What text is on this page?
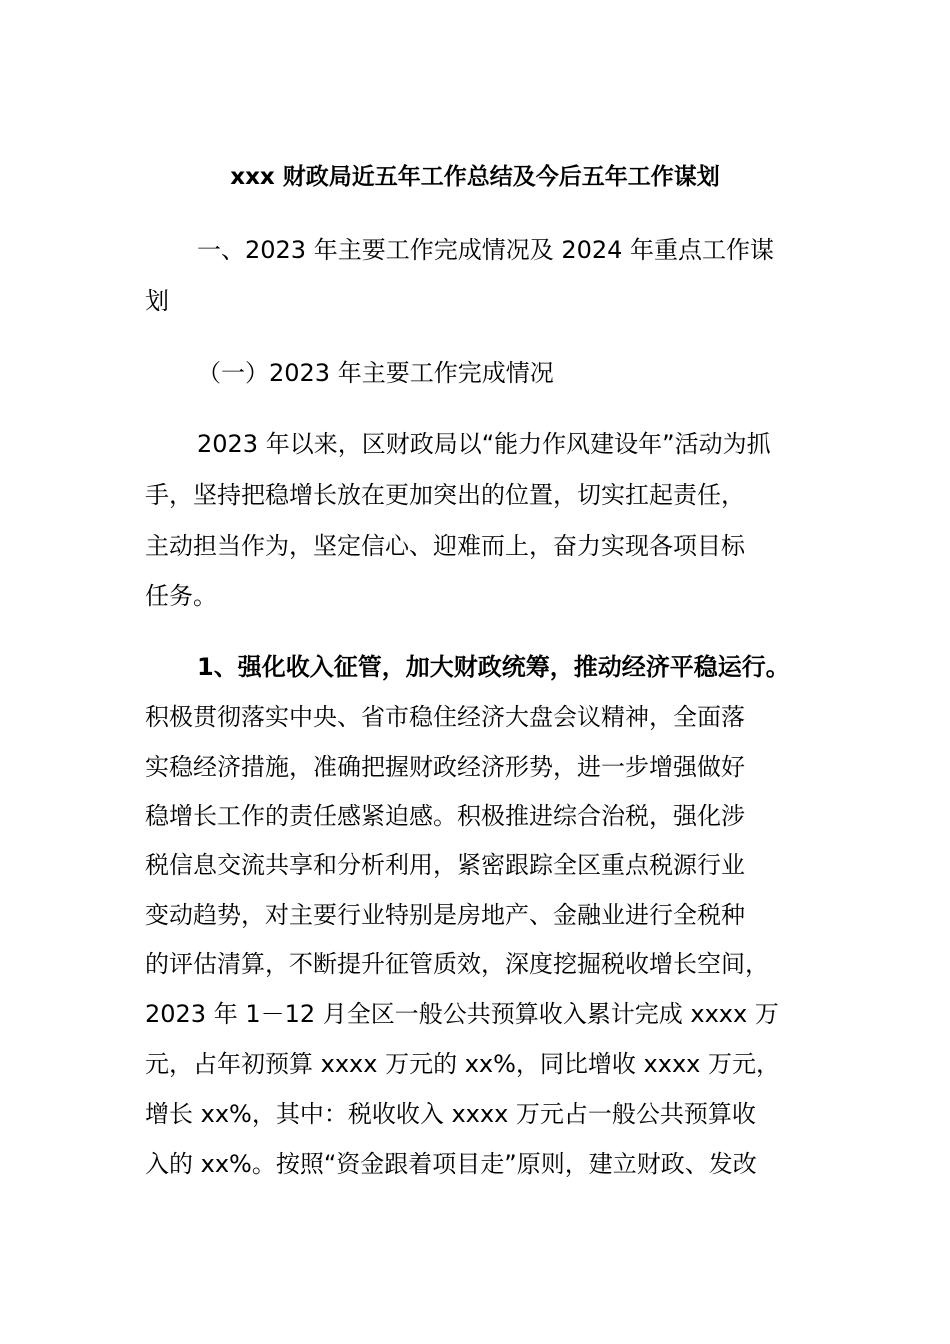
xxx 财政局近五年工作总结及今后五年工作谋划
一、2023 年主要工作完成情况及 2024 年重点工作谋
划
（一）2023 年主要工作完成情况
2023 年以来，区财政局以“能力作风建设年”活动为抓
手，坚持把稳增长放在更加突出的位置，切实扛起责任，
主动担当作为，坚定信心、迎难而上，奋力实现各项目标
任务。
1、强化收入征管，加大财政统筹，推动经济平稳运行。
积极贯彻落实中央、省市稳住经济大盘会议精神，全面落
实稳经济措施，准确把握财政经济形势，进一步增强做好
稳增长工作的责任感紧迫感。积极推进综合治税，强化涉
税信息交流共享和分析利用，紧密跟踪全区重点税源行业
变动趋势，对主要行业特别是房地产、金融业进行全税种
的评估清算，不断提升征管质效，深度挖掘税收增长空间，
2023 年 1－12 月全区一般公共预算收入累计完成 xxxx 万
元，占年初预算 xxxx 万元的 xx%，同比增收 xxxx 万元，
增长 xx%，其中：税收收入 xxxx 万元占一般公共预算收
入的 xx%。按照“资金跟着项目走”原则，建立财政、发改
